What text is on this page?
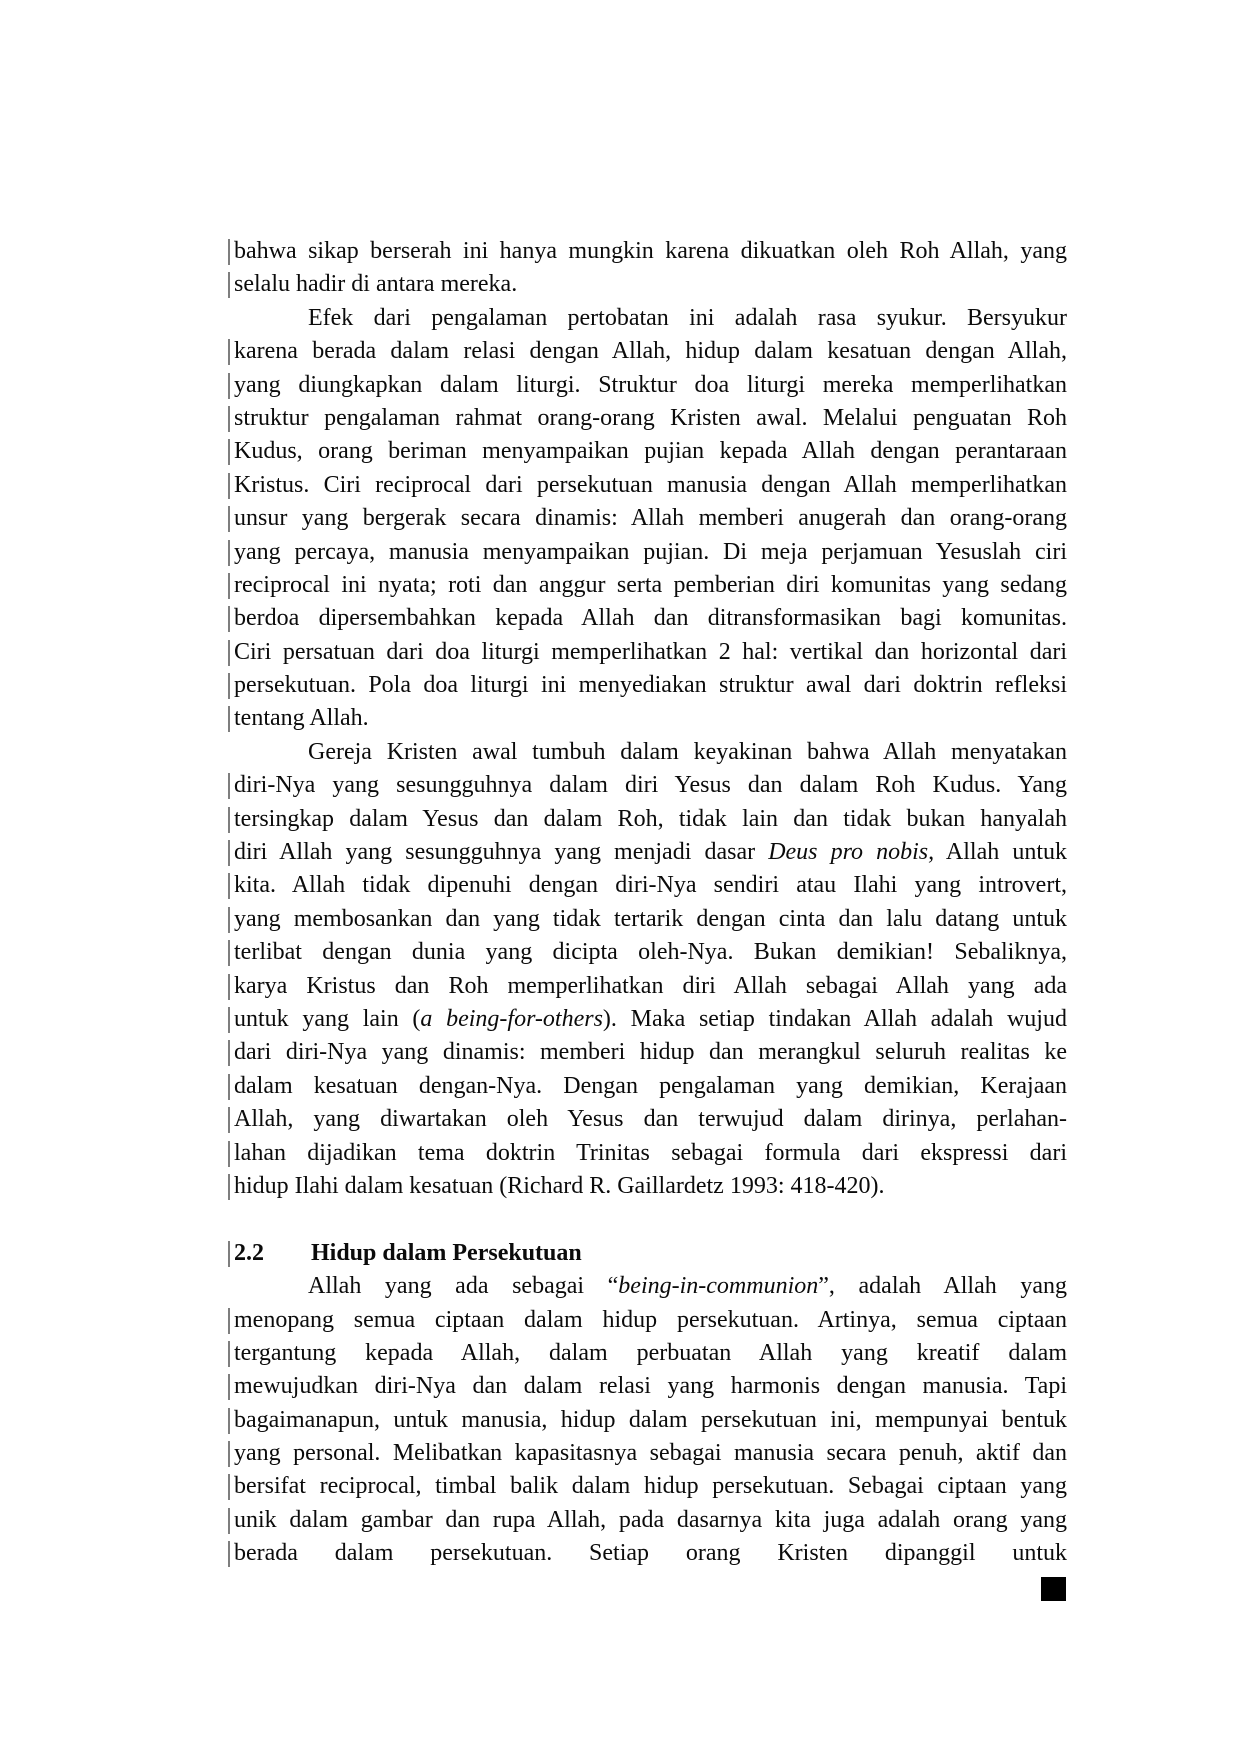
bahwa sikap berserah ini hanya mungkin karena dikuatkan oleh Roh Allah, yang
selalu hadir di antara mereka.
Efek dari pengalaman pertobatan ini adalah rasa syukur. Bersyukur
karena berada dalam relasi dengan Allah, hidup dalam kesatuan dengan Allah,
yang diungkapkan dalam liturgi. Struktur doa liturgi mereka memperlihatkan
struktur pengalaman rahmat orang-orang Kristen awal. Melalui penguatan Roh
Kudus, orang beriman menyampaikan pujian kepada Allah dengan perantaraan
Kristus. Ciri reciprocal dari persekutuan manusia dengan Allah memperlihatkan
unsur yang bergerak secara dinamis: Allah memberi anugerah dan orang-orang
yang percaya, manusia menyampaikan pujian. Di meja perjamuan Yesuslah ciri
reciprocal ini nyata; roti dan anggur serta pemberian diri komunitas yang sedang
berdoa dipersembahkan kepada Allah dan ditransformasikan bagi komunitas.
Ciri persatuan dari doa liturgi memperlihatkan 2 hal: vertikal dan horizontal dari
persekutuan. Pola doa liturgi ini menyediakan struktur awal dari doktrin refleksi
tentang Allah.
Gereja Kristen awal tumbuh dalam keyakinan bahwa Allah menyatakan
diri-Nya yang sesungguhnya dalam diri Yesus dan dalam Roh Kudus. Yang
tersingkap dalam Yesus dan dalam Roh, tidak lain dan tidak bukan hanyalah
diri Allah yang sesungguhnya yang menjadi dasar Deus pro nobis, Allah untuk
kita. Allah tidak dipenuhi dengan diri-Nya sendiri atau Ilahi yang introvert,
yang membosankan dan yang tidak tertarik dengan cinta dan lalu datang untuk
terlibat dengan dunia yang dicipta oleh-Nya. Bukan demikian! Sebaliknya,
karya Kristus dan Roh memperlihatkan diri Allah sebagai Allah yang ada
untuk yang lain (a being-for-others). Maka setiap tindakan Allah adalah wujud
dari diri-Nya yang dinamis: memberi hidup dan merangkul seluruh realitas ke
dalam kesatuan dengan-Nya. Dengan pengalaman yang demikian, Kerajaan
Allah, yang diwartakan oleh Yesus dan terwujud dalam dirinya, perlahan-
lahan dijadikan tema doktrin Trinitas sebagai formula dari ekspressi dari
hidup Ilahi dalam kesatuan (Richard R. Gaillardetz 1993: 418-420).
2.2 Hidup dalam Persekutuan
Allah yang ada sebagai “being-in-communion”, adalah Allah yang
menopang semua ciptaan dalam hidup persekutuan. Artinya, semua ciptaan
tergantung kepada Allah, dalam perbuatan Allah yang kreatif dalam
mewujudkan diri-Nya dan dalam relasi yang harmonis dengan manusia. Tapi
bagaimanapun, untuk manusia, hidup dalam persekutuan ini, mempunyai bentuk
yang personal. Melibatkan kapasitasnya sebagai manusia secara penuh, aktif dan
bersifat reciprocal, timbal balik dalam hidup persekutuan. Sebagai ciptaan yang
unik dalam gambar dan rupa Allah, pada dasarnya kita juga adalah orang yang
berada dalam persekutuan. Setiap orang Kristen dipanggil untuk
